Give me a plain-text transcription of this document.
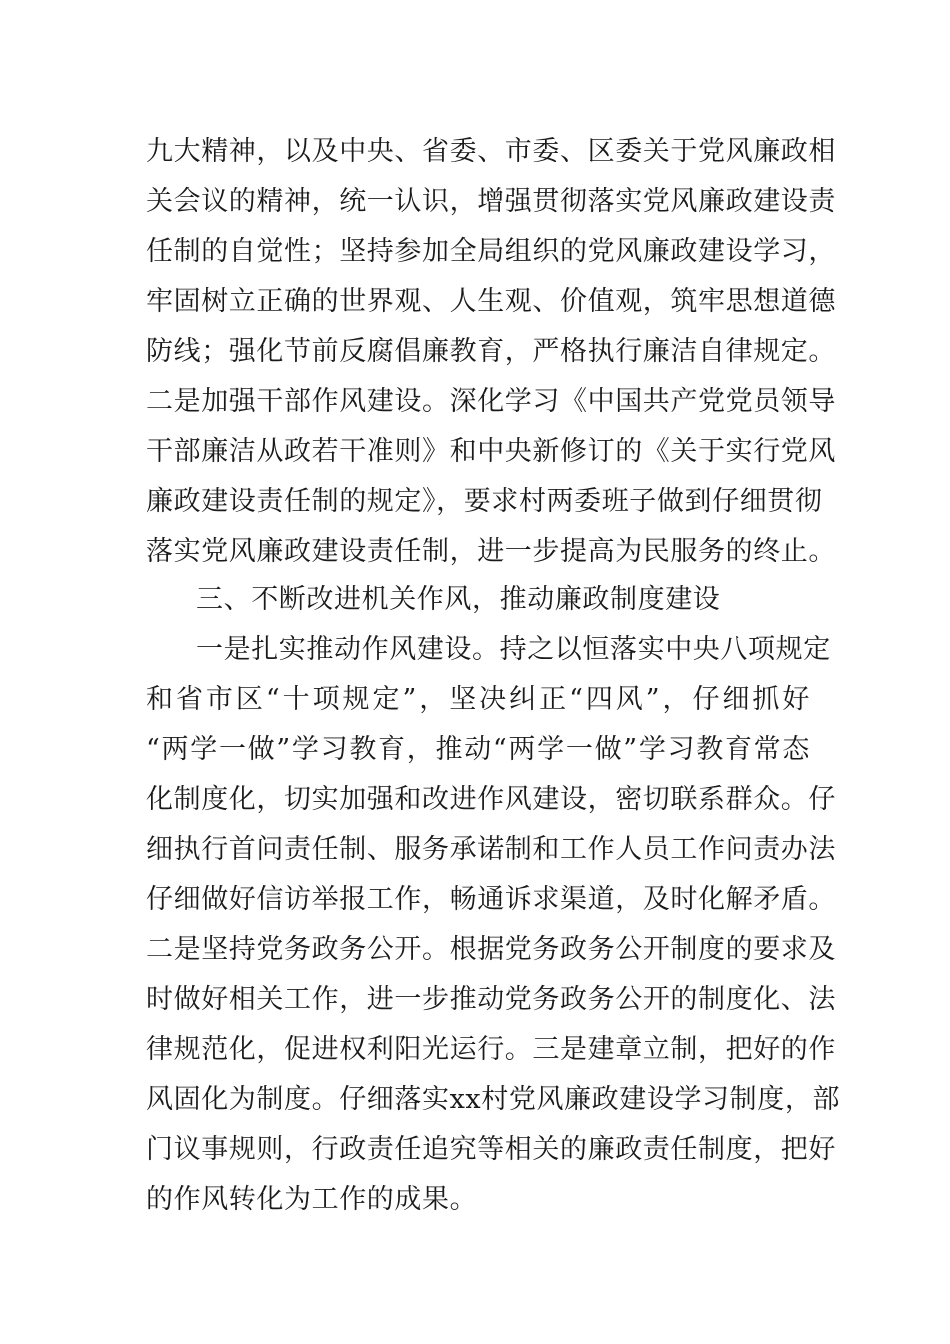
九大精神，以及中央、省委、市委、区委关于党风廉政相
关会议的精神，统一认识，增强贯彻落实党风廉政建设责
任制的自觉性；坚持参加全局组织的党风廉政建设学习，
牢固树立正确的世界观、人生观、价值观，筑牢思想道德
防线；强化节前反腐倡廉教育，严格执行廉洁自律规定。
二是加强干部作风建设。深化学习《中国共产党党员领导
干部廉洁从政若干准则》和中央新修订的《关于实行党风
廉政建设责任制的规定》，要求村两委班子做到仔细贯彻
落实党风廉政建设责任制，进一步提高为民服务的终止。
三、不断改进机关作风，推动廉政制度建设
一是扎实推动作风建设。持之以恒落实中央八项规定
和省市区“十项规定”，坚决纠正“四风”，仔细抓好
“两学一做”学习教育，推动“两学一做”学习教育常态
化制度化，切实加强和改进作风建设，密切联系群众。仔
细执行首问责任制、服务承诺制和工作人员工作问责办法
仔细做好信访举报工作，畅通诉求渠道，及时化解矛盾。
二是坚持党务政务公开。根据党务政务公开制度的要求及
时做好相关工作，进一步推动党务政务公开的制度化、法
律规范化，促进权利阳光运行。三是建章立制，把好的作
风固化为制度。仔细落实xx村党风廉政建设学习制度，部
门议事规则，行政责任追究等相关的廉政责任制度，把好
的作风转化为工作的成果。
